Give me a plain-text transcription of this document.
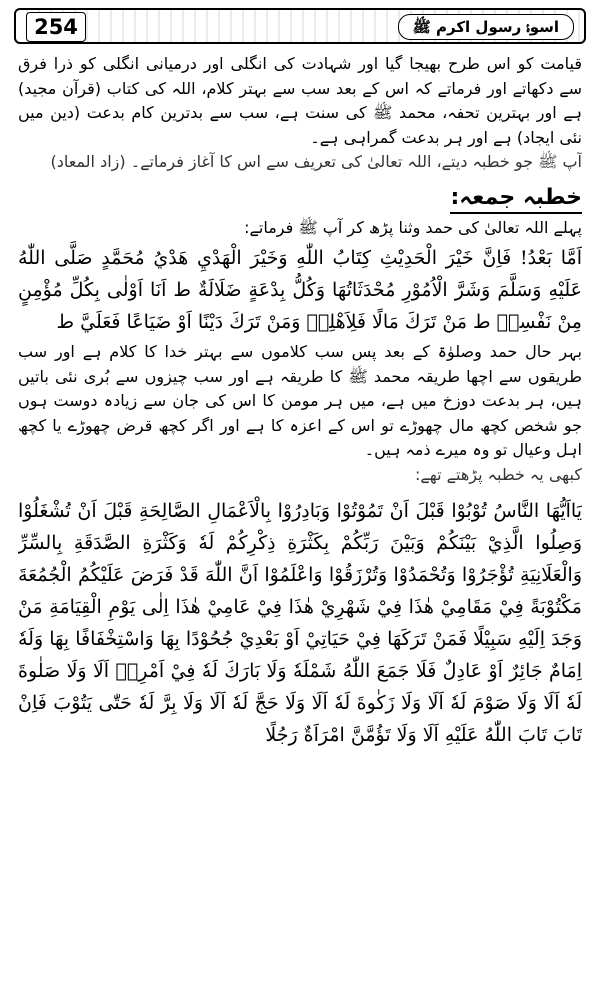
254	اسوۂ رسول اکرم ﷺ

قیامت کو اس طرح بھیجا گیا اور شہادت کی انگلی اور درمیانی انگلی کو ذرا فرق سے دکھاتے اور فرماتے کہ اس کے بعد سب سے بہتر کلام، اللہ کی کتاب (قرآن مجید) ہے اور بہترین تحفہ، محمد ﷺ کی سنت ہے، سب سے بدترین کام بدعت (دین میں نئی ایجاد) ہے اور ہر بدعت گمراہی ہے۔

آپ ﷺ جو خطبہ دیتے، اللہ تعالیٰ کی تعریف سے اس کا آغاز فرماتے۔ (زاد المعاد)

خطبہ جمعہ:

پہلے اللہ تعالیٰ کی حمد وثنا پڑھ کر آپ ﷺ فرماتے:

اَمَّا بَعْدُ! فَاِنَّ خَيْرَ الْحَدِيْثِ كِتَابُ اللّٰهِ وَخَيْرَ الْهَدْيِ هَدْيُ مُحَمَّدٍ صَلَّى اللّٰهُ عَلَيْهِ وَسَلَّمَ وَشَرَّ الْاُمُوْرِ مُحْدَثَاتُهَا وَكُلُّ بِدْعَةٍ ضَلَالَةٌ ط اَنَا اَوْلٰى بِكُلِّ مُؤْمِنٍ مِنْ نَفْسِهٖ ط مَنْ تَرَكَ مَالًا فَلِاَهْلِهٖ وَمَنْ تَرَكَ دَيْنًا اَوْ ضَيَاعًا فَعَلَيَّ ط

بہر حال حمد وصلوٰۃ کے بعد پس سب کلاموں سے بہتر خدا کا کلام ہے اور سب طریقوں سے اچھا طریقہ محمد ﷺ کا طریقہ ہے اور سب چیزوں سے بُری نئی باتیں ہیں، ہر بدعت دوزخ میں ہے، میں ہر مومن کا اس کی جان سے زیادہ دوست ہوں جو شخص کچھ مال چھوڑے تو اس کے اعزہ کا ہے اور اگر کچھ قرض چھوڑے یا کچھ اہل وعیال تو وہ میرے ذمہ ہیں۔

کبھی یہ خطبہ پڑھتے تھے:

يَااَيُّهَا النَّاسُ تُوْبُوْا قَبْلَ اَنْ تَمُوْتُوْا وَبَادِرُوْا بِالْاَعْمَالِ الصَّالِحَةِ قَبْلَ اَنْ تُشْغَلُوْا وَصِلُوا الَّذِيْ بَيْنَكُمْ وَبَيْنَ رَبِّكُمْ بِكَثْرَةِ ذِكْرِكُمْ لَهٗ وَكَثْرَةِ الصَّدَقَةِ بِالسِّرِّ وَالْعَلَانِيَةِ تُؤْجَرُوْا وَتُحْمَدُوْا وَتُرْزَقُوْا وَاعْلَمُوْا اَنَّ اللّٰهَ قَدْ فَرَضَ عَلَيْكُمُ الْجُمُعَةَ مَكْتُوْبَةً فِيْ مَقَامِيْ هٰذَا فِيْ شَهْرِيْ هٰذَا فِيْ عَامِيْ هٰذَا اِلٰى يَوْمِ الْقِيَامَةِ مَنْ وَجَدَ اِلَيْهِ سَبِيْلًا فَمَنْ تَرَكَهَا فِيْ حَيَاتِيْ اَوْ بَعْدِيْ جُحُوْدًا بِهَا وَاسْتِخْفَافًا بِهَا وَلَهٗ اِمَامٌ جَائِرٌ اَوْ عَادِلٌ فَلَا جَمَعَ اللّٰهُ شَمْلَهٗ وَلَا بَارَكَ لَهٗ فِيْ اَمْرِهٖ اَلَا وَلَا صَلٰوةَ لَهٗ اَلَا وَلَا صَوْمَ لَهٗ اَلَا وَلَا زَكٰوةَ لَهٗ اَلَا وَلَا حَجَّ لَهٗ اَلَا وَلَا بِرَّ لَهٗ حَتّٰى يَتُوْبَ فَاِنْ تَابَ تَابَ اللّٰهُ عَلَيْهِ اَلَا وَلَا تَؤُمَّنَّ امْرَاَةٌ رَجُلًا
